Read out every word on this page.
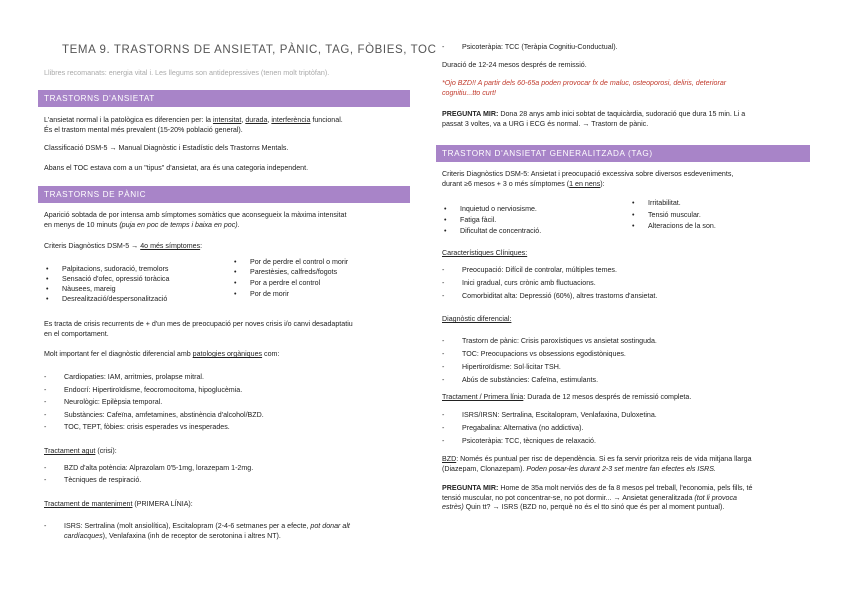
TEMA 9. TRASTORNS DE ANSIETAT, PÀNIC, TAG, FÒBIES, TOC
Llibres recomanats: energia vital i. Les llegums son antidepressives (tenen molt triptòfan).
TRASTORNS D'ANSIETAT
L'ansietat normal i la patològica es diferencien per: la intensitat, durada, interferència funcional.
És el trastorn mental més prevalent (15-20% població general).
Classificació DSM-5 → Manual Diagnòstic i Estadístic dels Trastorns Mentals.
Abans el TOC estava com a un "tipus" d'ansietat, ara és una categoria independent.
TRASTORNS DE PÀNIC
Aparició sobtada de por intensa amb símptomes somàtics que aconsegueix la màxima intensitat
en menys de 10 minuts (puja en poc de temps i baixa en poc).
Criteris Diagnòstics DSM-5 → 4o més símptomes:
• Palpitacions, sudoració, tremolors
• Sensació d'ofec, opressió toràcica
• Nàusees, mareig
• Desrealització/despersonalització
• Por de perdre el control o morir
• Parestèsies, calfreds/fogots
• Por a perdre el control
• Por de morir
Es tracta de crisis recurrents de + d'un mes de preocupació per noves crisis i/o canvi desadaptatiu
en el comportament.
Molt important fer el diagnòstic diferencial amb patologies orgàniques com:
- Cardiopaties: IAM, arritmies, prolapse mitral.
- Endocrí: Hipertiroïdisme, feocromocitoma, hipoglucèmia.
- Neurològic: Epilèpsia temporal.
- Substàncies: Cafeïna, amfetamines, abstinència d'alcohol/BZD.
- TOC, TEPT, fòbies: crisis esperades vs inesperades.
Tractament agut (crisi):
- BZD d'alta potència: Alprazolam 0'5-1mg, lorazepam 1-2mg.
- Tècniques de respiració.
Tractament de manteniment (PRIMERA LÍNIA):
- ISRS: Sertralina (molt ansiolítica), Escitalopram (2-4-6 setmanes per a efecte, pot donar alt
cardíacques), Venlafaxina (inh de receptor de serotonina i altres NT).
- Psicoteràpia: TCC (Teràpia Cognitiu-Conductual).
Duració de 12-24 mesos després de remissió.
*Ojo BZD!! A partir dels 60-65a poden provocar fx de maluc, osteoporosi, deliris, deteriorar
cognitiu...tto curt!
PREGUNTA MIR: Dona 28 anys amb inici sobtat de taquicàrdia, sudoració que dura 15 min. Li a
passat 3 voltes, va a URG i ECG és normal. → Trastorn de pànic.
TRASTORN D'ANSIETAT GENERALITZADA (TAG)
Criteris Diagnòstics DSM-5: Ansietat i preocupació excessiva sobre diversos esdeveniments,
durant ≥6 mesos + 3 o més símptomes (1 en nens):
• Inquietud o nerviosisme.
• Fatiga fàcil.
• Dificultat de concentració.
• Irritabilitat.
• Tensió muscular.
• Alteracions de la son.
Característiques Clíniques:
- Preocupació: Difícil de controlar, múltiples temes.
- Inici gradual, curs crònic amb fluctuacions.
- Comorbiditat alta: Depressió (60%), altres trastorns d'ansietat.
Diagnòstic diferencial:
- Trastorn de pànic: Crisis paroxístiques vs ansietat sostinguda.
- TOC: Preocupacions vs obsessions egodistòniques.
- Hipertiroïdisme: Sol·licitar TSH.
- Abús de substàncies: Cafeïna, estimulants.
Tractament / Primera línia: Durada de 12 mesos després de remissió completa.
- ISRS/IRSN: Sertralina, Escitalopram, Venlafaxina, Duloxetina.
- Pregabalina: Alternativa (no addictiva).
- Psicoteràpia: TCC, tècniques de relaxació.
BZD: Només és puntual per risc de dependència. Si es fa servir prioritza reis de vida mitjana llarga
(Diazepam, Clonazepam). Poden posar-les durant 2-3 set mentre fan efectes els ISRS.
PREGUNTA MIR: Home de 35a molt nerviós des de fa 8 mesos pel treball, l'economia, pels fills, té
tensió muscular, no pot concentrar-se, no pot dormir... → Ansietat generalitzada (tot li provoca
estrès) Quin tt? → ISRS (BZD no, perquè no és el tto sinó que és per al moment puntual).
